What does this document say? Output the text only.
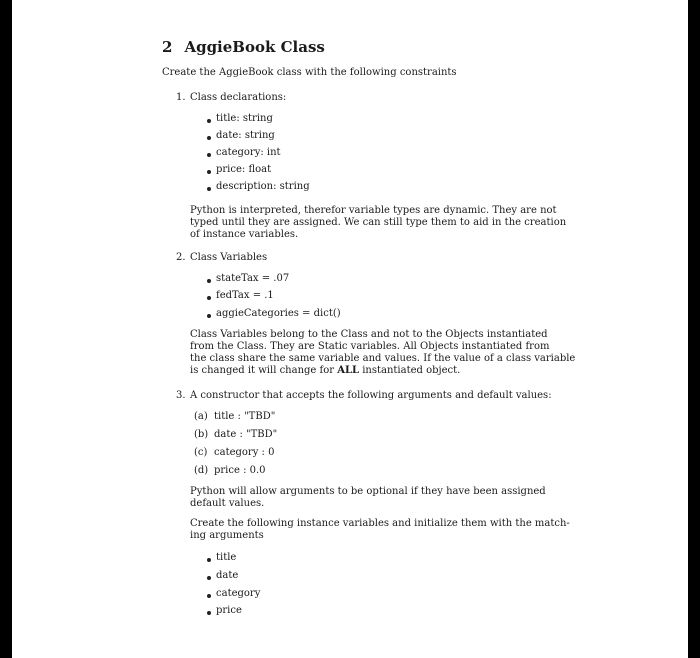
2 AggieBook Class
Create the AggieBook class with the following constraints
1. Class declarations:
title: string
date: string
category: int
price: float
description: string
Python is interpreted, therefor variable types are dynamic. They are not
typed until they are assigned. We can still type them to aid in the creation
of instance variables.
2. Class Variables
stateTax = .07
fedTax = .1
aggieCategories = dict()
Class Variables belong to the Class and not to the Objects instantiated
from the Class. They are Static variables. All Objects instantiated from
the class share the same variable and values. If the value of a class variable
is changed it will change for ALL instantiated object.
3. A constructor that accepts the following arguments and default values:
(a) title : "TBD"
(b) date : "TBD"
(c) category : 0
(d) price : 0.0
Python will allow arguments to be optional if they have been assigned
default values.
Create the following instance variables and initialize them with the match-
ing arguments
title
date
category
price
